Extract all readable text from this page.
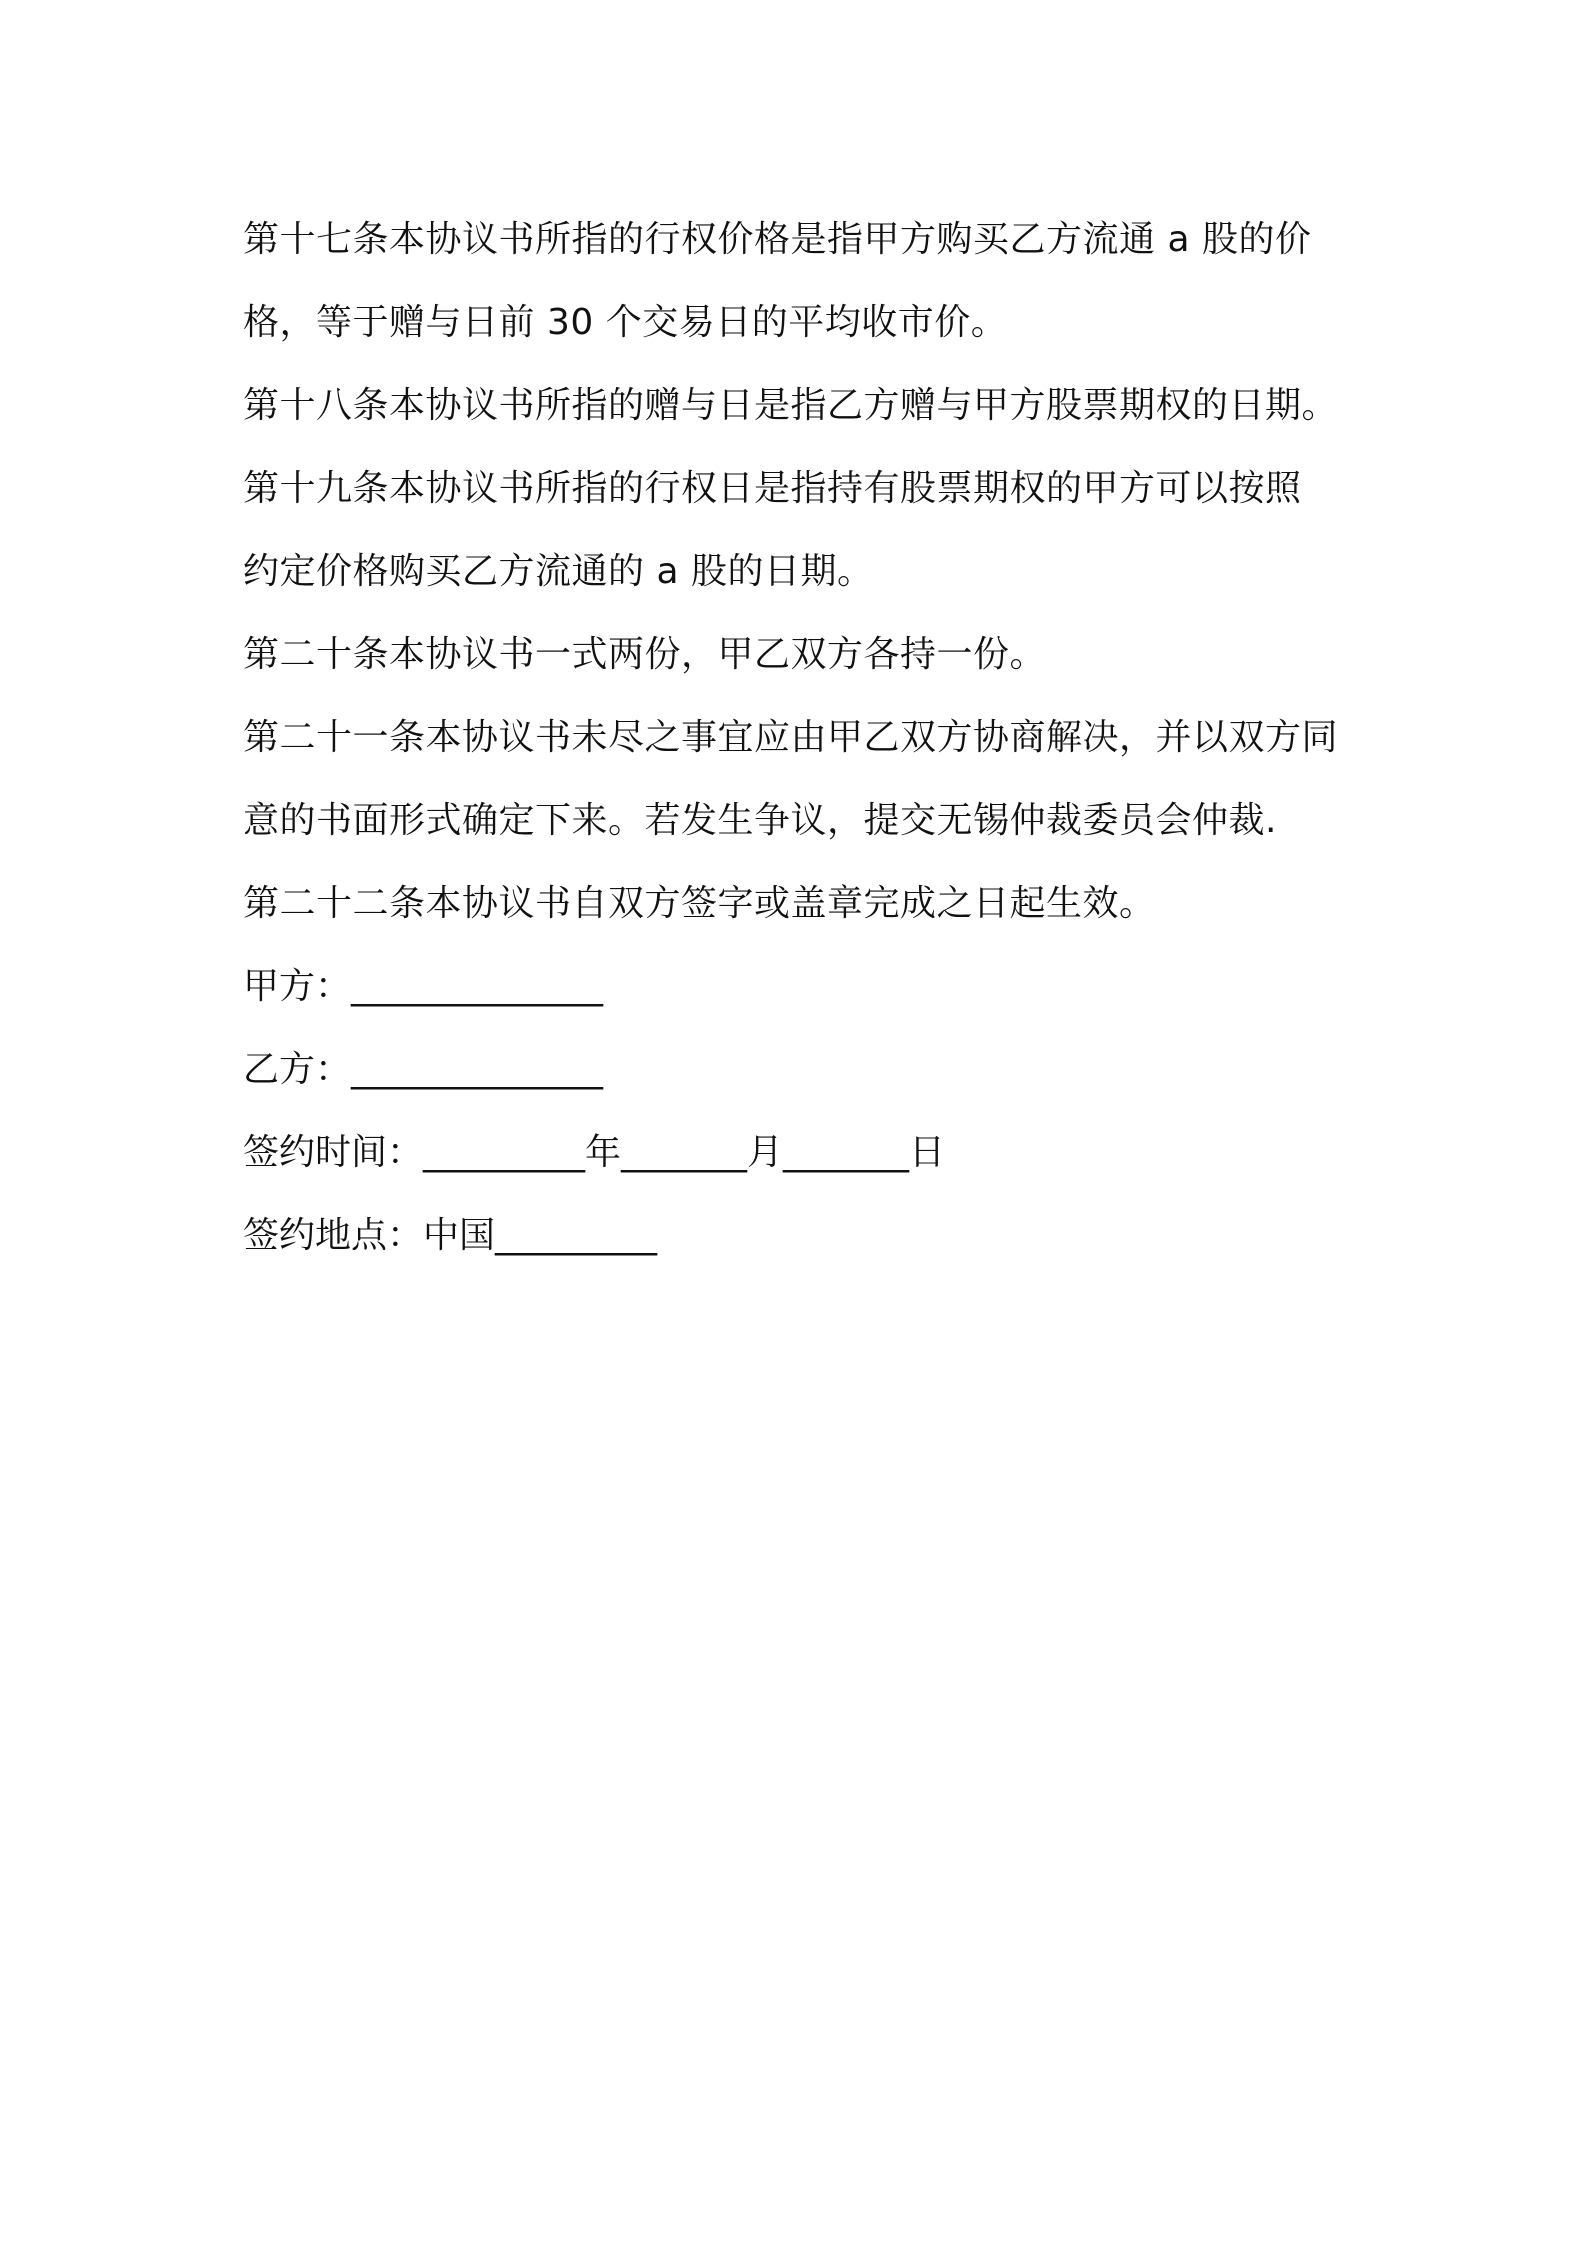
第十七条本协议书所指的行权价格是指甲方购买乙方流通 a 股的价
格，等于赠与日前 30 个交易日的平均收市价。
第十八条本协议书所指的赠与日是指乙方赠与甲方股票期权的日期。
第十九条本协议书所指的行权日是指持有股票期权的甲方可以按照
约定价格购买乙方流通的 a 股的日期。
第二十条本协议书一式两份，甲乙双方各持一份。
第二十一条本协议书未尽之事宜应由甲乙双方协商解决，并以双方同
意的书面形式确定下来。若发生争议，提交无锡仲裁委员会仲裁.
第二十二条本协议书自双方签字或盖章完成之日起生效。
甲方：______________
乙方：______________
签约时间：_________年_______月_______日
签约地点：中国_________
